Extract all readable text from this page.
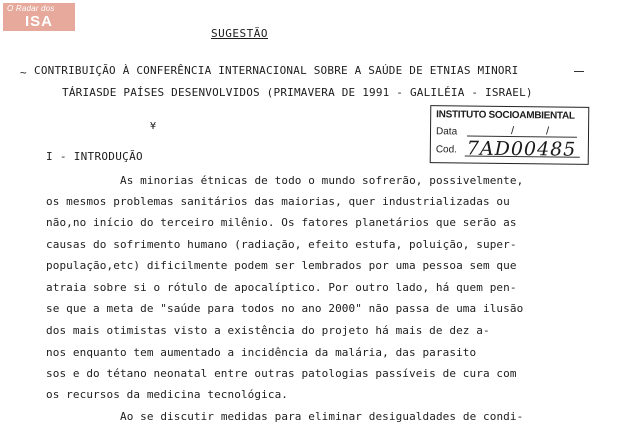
O Radar dos
ISA
SUGESTÃO
~ CONTRIBUIÇÃO À CONFERÊNCIA INTERNACIONAL SOBRE A SAÚDE DE ETNIAS MINORI
TÁRIASDE PAÍSES DESENVOLVIDOS (PRIMAVERA DE 1991 - GALILÉIA - ISRAEL)
¥
INSTITUTO SOCIOAMBIENTAL
Data	/	/
Cod. 7AD00485
I - INTRODUÇÃO
As minorias étnicas de todo o mundo sofrerão, possivelmente,
os mesmos problemas sanitários das maiorias, quer industrializadas ou
não,no início do terceiro milênio. Os fatores planetários que serão as
causas do sofrimento humano (radiação, efeito estufa, poluição, super-
população,etc) dificilmente podem ser lembrados por uma pessoa sem que
atraia sobre si o rótulo de apocalíptico. Por outro lado, há quem pen-
se que a meta de "saúde para todos no ano 2000" não passa de uma ilusão
dos mais otimistas visto a existência do projeto há mais de dez a-
nos enquanto tem aumentado a incidência da malária, das parasito
sos e do tétano neonatal entre outras patologias passíveis de cura com
os recursos da medicina tecnológica.
Ao se discutir medidas para eliminar desigualdades de condi-
